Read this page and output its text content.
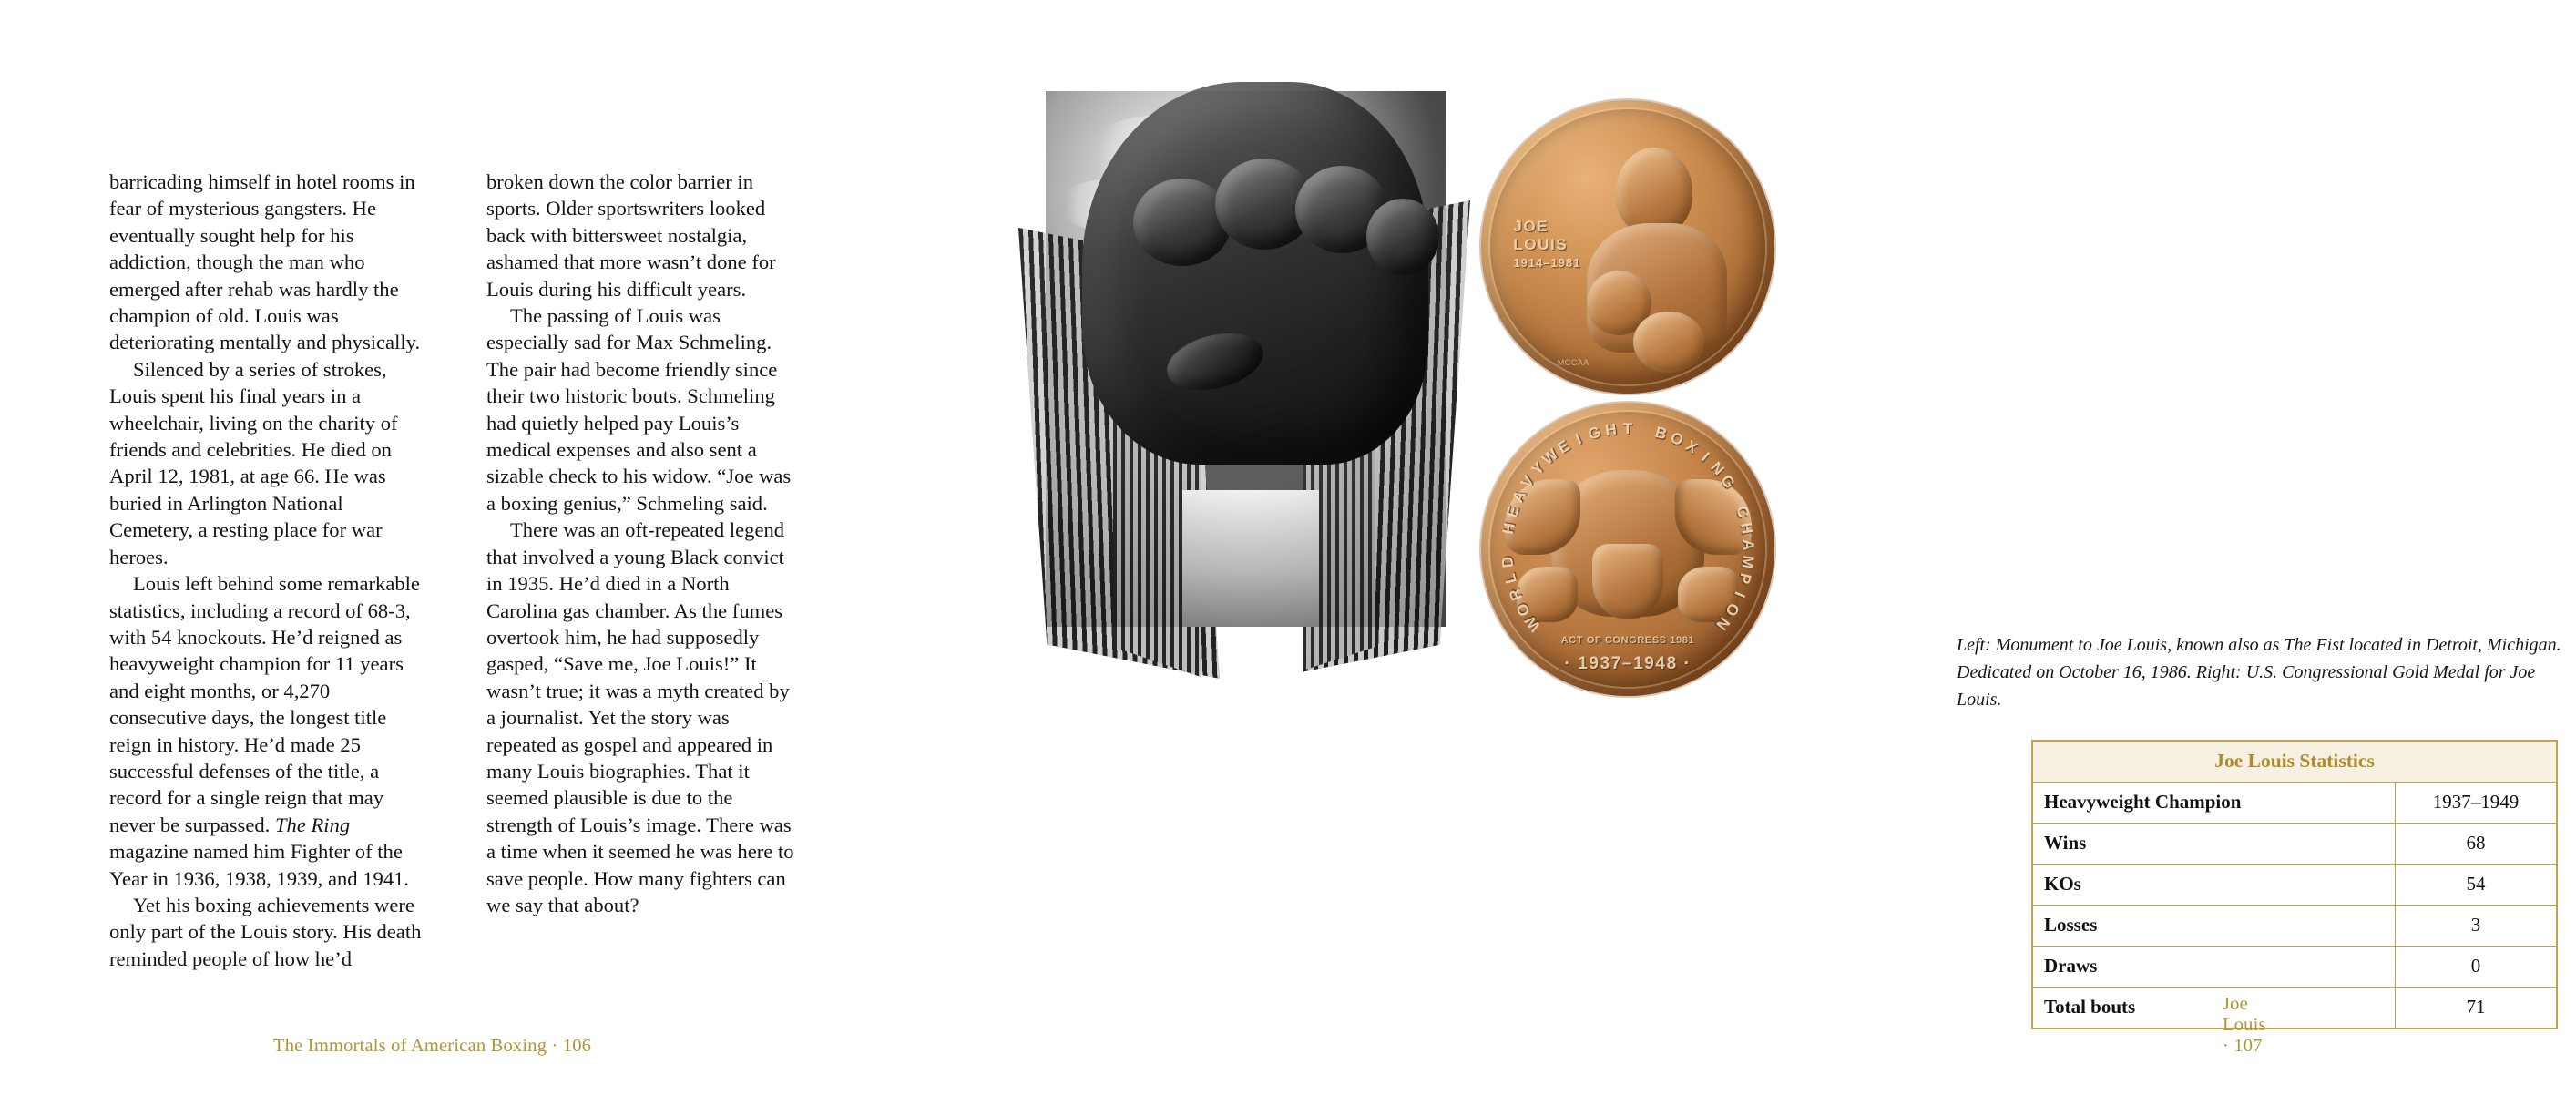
barricading himself in hotel rooms in fear of mysterious gangsters. He eventually sought help for his addiction, though the man who emerged after rehab was hardly the champion of old. Louis was deteriorating mentally and physically.

Silenced by a series of strokes, Louis spent his final years in a wheelchair, living on the charity of friends and celebrities. He died on April 12, 1981, at age 66. He was buried in Arlington National Cemetery, a resting place for war heroes.

Louis left behind some remarkable statistics, including a record of 68-3, with 54 knockouts. He’d reigned as heavyweight champion for 11 years and eight months, or 4,270 consecutive days, the longest title reign in history. He’d made 25 successful defenses of the title, a record for a single reign that may never be surpassed. The Ring magazine named him Fighter of the Year in 1936, 1938, 1939, and 1941.

Yet his boxing achievements were only part of the Louis story. His death reminded people of how he’d

broken down the color barrier in sports. Older sportswriters looked back with bittersweet nostalgia, ashamed that more wasn’t done for Louis during his difficult years.

The passing of Louis was especially sad for Max Schmeling. The pair had become friendly since their two historic bouts. Schmeling had quietly helped pay Louis’s medical expenses and also sent a sizable check to his widow. “Joe was a boxing genius,” Schmeling said.

There was an oft-repeated legend that involved a young Black convict in 1935. He’d died in a North Carolina gas chamber. As the fumes overtook him, he had supposedly gasped, “Save me, Joe Louis!” It wasn’t true; it was a myth created by a journalist. Yet the story was repeated as gospel and appeared in many Louis biographies. That it seemed plausible is due to the strength of Louis’s image. There was a time when it seemed he was here to save people. How many fighters can we say that about?

The Immortals of American Boxing · 106
JOE
LOUIS
1914–1981
MCCAA
W
O
R
L
D
H
E
A
V
Y
W
E I G H T B
O
X
I
N
G
C
H
A
M
P
I
O
N
ACT OF CONGRESS 1981
· 1937–1948 ·
Left: Monument to Joe Louis, known also as The Fist located in Detroit, Michigan. Dedicated on October 16, 1986. Right: U.S. Congressional Gold Medal for Joe Louis.
Joe Louis Statistics	
Heavyweight Champion	1937–1949
Wins	68
KOs	54
Losses	3
Draws	0
Total bouts	71
Joe Louis · 107
